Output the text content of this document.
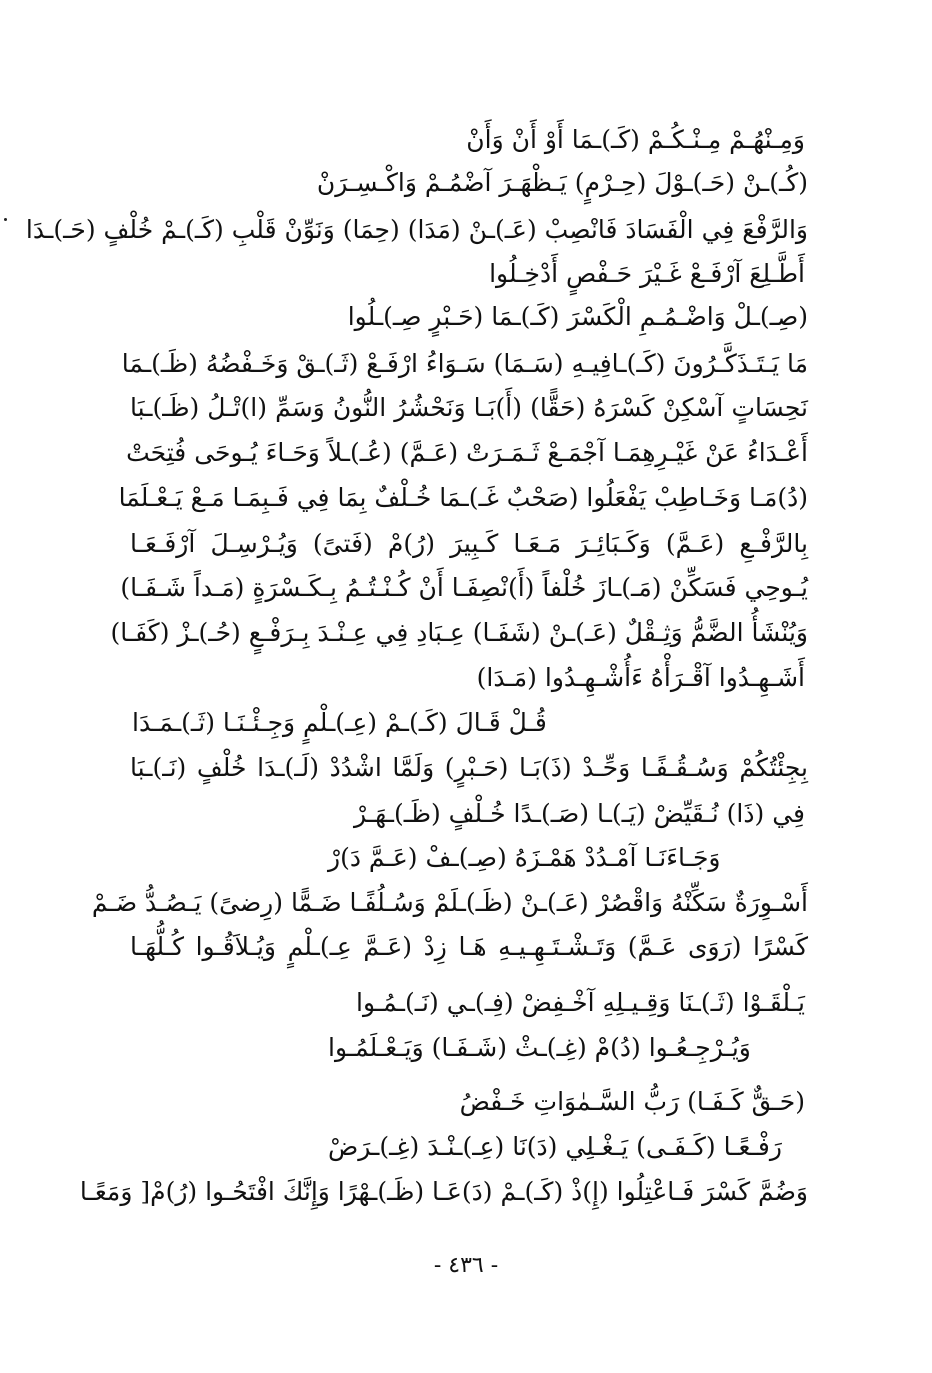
وَمِـنْهُـمْ مِـنْـكُـمْ (كَـ)ـمَا أَوْ أَنْ وَأَنْ
(كُـ)ـنْ (حَـ)ـوْلَ (حِـرْمٍ) يَـظْهَـرَ آضْمُـمْ وَاكْـسِـرَنْ
وَالرَّفْعَ فِي الْفَسَادَ فَانْصِبْ (عَـ)ـنْ (مَدَا) (حِمَا) وَنَوِّنْ قَلْبِ (كَـ)ـمْ خُلْفٍ (حَـ)ـدَا
أَطَّـلِعَ آرْفَـعْ غَـيْرَ حَـفْصٍ أَدْخِـلُوا
(صِـ)ـلْ وَاضْـمُـمِ الْكَسْرَ (كَـ)ـمَا (حَـبْرٍ صِـ)ـلُوا
مَا يَـتَـذَكَّـرُونَ (كَـ)ـافِيـهِ (سَـمَا) سَـوَاءُ ارْفَـعْ (ثَـ)ـقْ وَخَـفْضُهُ (ظَـ)ـمَا
نَحِسَاتٍ آسْكِنْ كَسْرَهُ (حَقًّا) (أَ)بَـا وَنَحْشُرُ النُّونُ وَسَمِّ (ا)تْـلُ (ظَـ)ـبَا
أَعْـدَاءُ عَنْ غَيْـرِهِمَـا آجْمَـعْ ثَـمَـرَتْ (عَـمَّ) (عُـ)ـلاً وَحَـاءَ يُـوحَى فُتِحَتْ
(دُ)مَـا وَخَـاطِبْ يَفْعَلُوا (صَحْبٌ غَـ)ـمَا خُـلْفٌ بِمَا فِي فَـبِمَـا مَـعْ يَـعْـلَمَا
بِالرَّفْـعِ (عَـمَّ) وَكَـبَائِـرَ مَـعَـا كَـبِيرَ (رُ)مْ (فَتىً) وَيُـرْسِـلَ آرْفَـعَـا
يُـوحِي فَسَكِّنْ (مَـ)ـازَ خُلْفاً (أَ)نْصِفَـا أَنْ كُـنْـتُـمُ بِـكَـسْرَةٍ (مَـداً شَـفَـا)
وَيُنْشَأُ الضَّمُّ وَثِـقْلٌ (عَـ)ـنْ (شَفَـا) عِـبَادِ فِي عِـنْـدَ بِـرَفْـعٍ (حُـ)ـزْ (كَفَـا)
أَشَـهِـدُوا آقْـرَأْهُ ءَأُشْـهِـدُوا (مَـدَا)
قُـلْ قَـالَ (كَـ)ـمْ (عِـ)ـلْمٍ وَجِـئْـنَـا (ثَـ)ـمَـدَا
بِجِئْتُكُمْ وَسُـقُـفًـا وَحِّـدْ (ذَ)بَـا (حَـبْرٍ) وَلَمَّا اشْدُدْ (لَـ)ـدَا خُلْفٍ (نَـ)ـبَا
فِي (ذَا) نُـقَيِّضْ (يَـ)ـا (صَـ)ـدًا خُـلْفٍ (ظَـ)ـهَـرْ
وَجَـاءَنَـا آمْـدُدْ هَمْـزَهُ (صِـ)ـفْ (عَـمَّ دَ)رْ
أَسْـوِرَةٌ سَكِّنْهُ وَاقْصُرْ (عَـ)ـنْ (ظَـ)ـلَمْ وَسُـلُفًـا ضَـمًّا (رِضىً) يَـصُـدُّ ضَـمْ
كَسْرًا (رَوَى عَـمَّ) وَتَـشْـتَـهِـيـهِ هَـا زِدْ (عَـمَّ عِـ)ـلْمٍ وَيُـلاَقُـوا كُـلُّهَـا
يَـلْقَـوْا (ثَـ)ـنَا وَقِـيـلِهِ آخْـفِضْ (فِـ)ـي (نَـ)ـمُـوا
وَيُـرْجِـعُـوا (دُ)مْ (غِـ)ـثْ (شَـفَـا) وَيَـعْـلَمُـوا
(حَـقٌّ كَـفَـا) رَبُّ السَّـمٰوَاتِ خَـفْضُ
رَفْـعًـا (كَـفَـى) يَـغْـلِي (دَ)نَا (عِـ)ـنْـدَ (غِـ)ـرَضْ
وَضُمَّ كَسْرَ فَـاعْتِلُوا (إِ)ذْ (كَـ)ـمْ (دَ)عَـا (ظَـ)ـهْرًا وَإِنَّكَ افْتَحُـوا (رُ)مْ[ وَمَعًـا
- ٤٣٦ -
